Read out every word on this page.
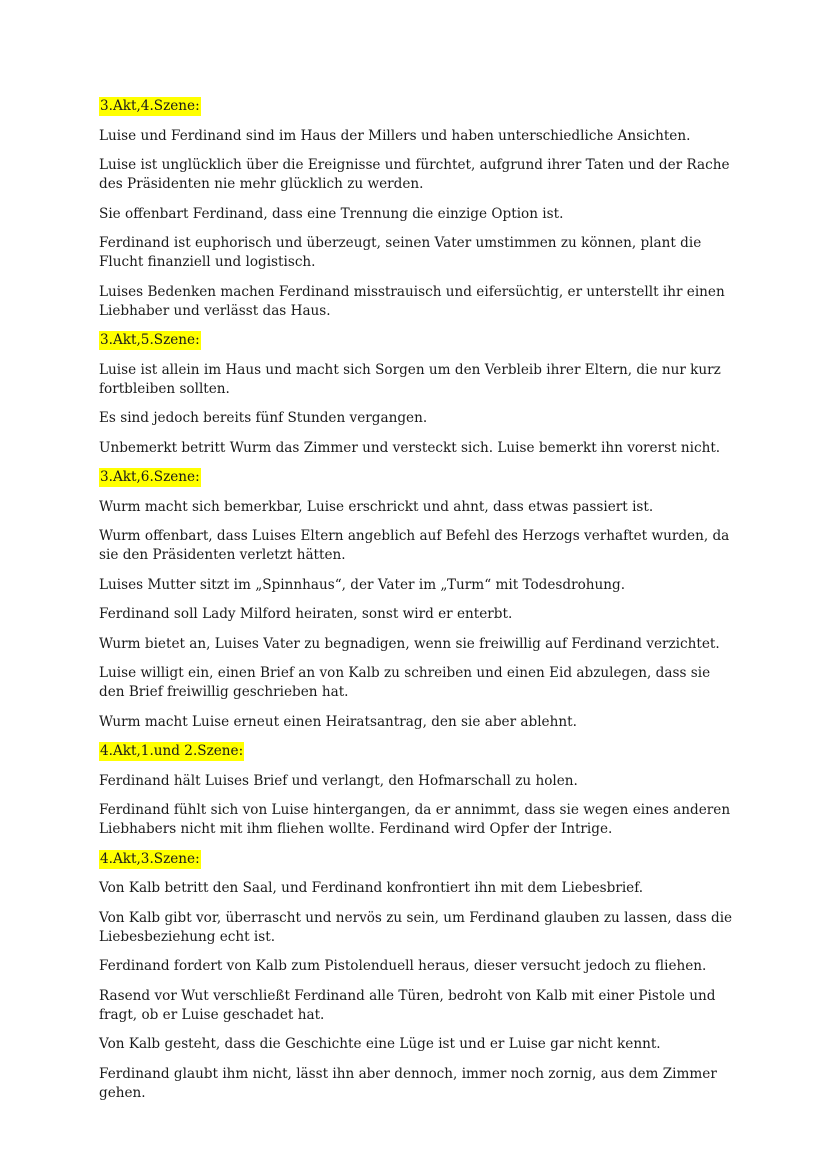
3.Akt,4.Szene:

Luise und Ferdinand sind im Haus der Millers und haben unterschiedliche Ansichten.

Luise ist unglücklich über die Ereignisse und fürchtet, aufgrund ihrer Taten und der Rache des Präsidenten nie mehr glücklich zu werden.

Sie offenbart Ferdinand, dass eine Trennung die einzige Option ist.

Ferdinand ist euphorisch und überzeugt, seinen Vater umstimmen zu können, plant die Flucht finanziell und logistisch.

Luises Bedenken machen Ferdinand misstrauisch und eifersüchtig, er unterstellt ihr einen Liebhaber und verlässt das Haus.

3.Akt,5.Szene:

Luise ist allein im Haus und macht sich Sorgen um den Verbleib ihrer Eltern, die nur kurz fortbleiben sollten.

Es sind jedoch bereits fünf Stunden vergangen.

Unbemerkt betritt Wurm das Zimmer und versteckt sich. Luise bemerkt ihn vorerst nicht.

3.Akt,6.Szene:

Wurm macht sich bemerkbar, Luise erschrickt und ahnt, dass etwas passiert ist.

Wurm offenbart, dass Luises Eltern angeblich auf Befehl des Herzogs verhaftet wurden, da sie den Präsidenten verletzt hätten.

Luises Mutter sitzt im „Spinnhaus“, der Vater im „Turm“ mit Todesdrohung.

Ferdinand soll Lady Milford heiraten, sonst wird er enterbt.

Wurm bietet an, Luises Vater zu begnadigen, wenn sie freiwillig auf Ferdinand verzichtet.

Luise willigt ein, einen Brief an von Kalb zu schreiben und einen Eid abzulegen, dass sie den Brief freiwillig geschrieben hat.

Wurm macht Luise erneut einen Heiratsantrag, den sie aber ablehnt.

4.Akt,1.und 2.Szene:

Ferdinand hält Luises Brief und verlangt, den Hofmarschall zu holen.

Ferdinand fühlt sich von Luise hintergangen, da er annimmt, dass sie wegen eines anderen Liebhabers nicht mit ihm fliehen wollte. Ferdinand wird Opfer der Intrige.

4.Akt,3.Szene:

Von Kalb betritt den Saal, und Ferdinand konfrontiert ihn mit dem Liebesbrief.

Von Kalb gibt vor, überrascht und nervös zu sein, um Ferdinand glauben zu lassen, dass die Liebesbeziehung echt ist.

Ferdinand fordert von Kalb zum Pistolenduell heraus, dieser versucht jedoch zu fliehen.

Rasend vor Wut verschließt Ferdinand alle Türen, bedroht von Kalb mit einer Pistole und fragt, ob er Luise geschadet hat.

Von Kalb gesteht, dass die Geschichte eine Lüge ist und er Luise gar nicht kennt.

Ferdinand glaubt ihm nicht, lässt ihn aber dennoch, immer noch zornig, aus dem Zimmer gehen.
